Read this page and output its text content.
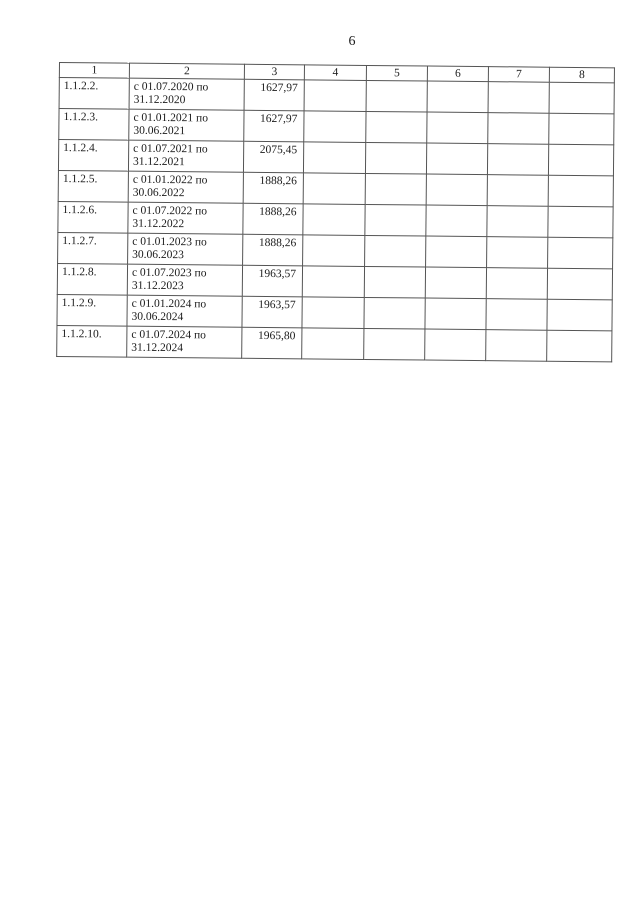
6
1	2	3	4	5	6	7	8
1.1.2.2.	с 01.07.2020 по 31.12.2020	1627,97					
1.1.2.3.	с 01.01.2021 по 30.06.2021	1627,97					
1.1.2.4.	с 01.07.2021 по 31.12.2021	2075,45					
1.1.2.5.	с 01.01.2022 по 30.06.2022	1888,26					
1.1.2.6.	с 01.07.2022 по 31.12.2022	1888,26					
1.1.2.7.	с 01.01.2023 по 30.06.2023	1888,26					
1.1.2.8.	с 01.07.2023 по 31.12.2023	1963,57					
1.1.2.9.	с 01.01.2024 по 30.06.2024	1963,57					
1.1.2.10.	с 01.07.2024 по 31.12.2024	1965,80					
